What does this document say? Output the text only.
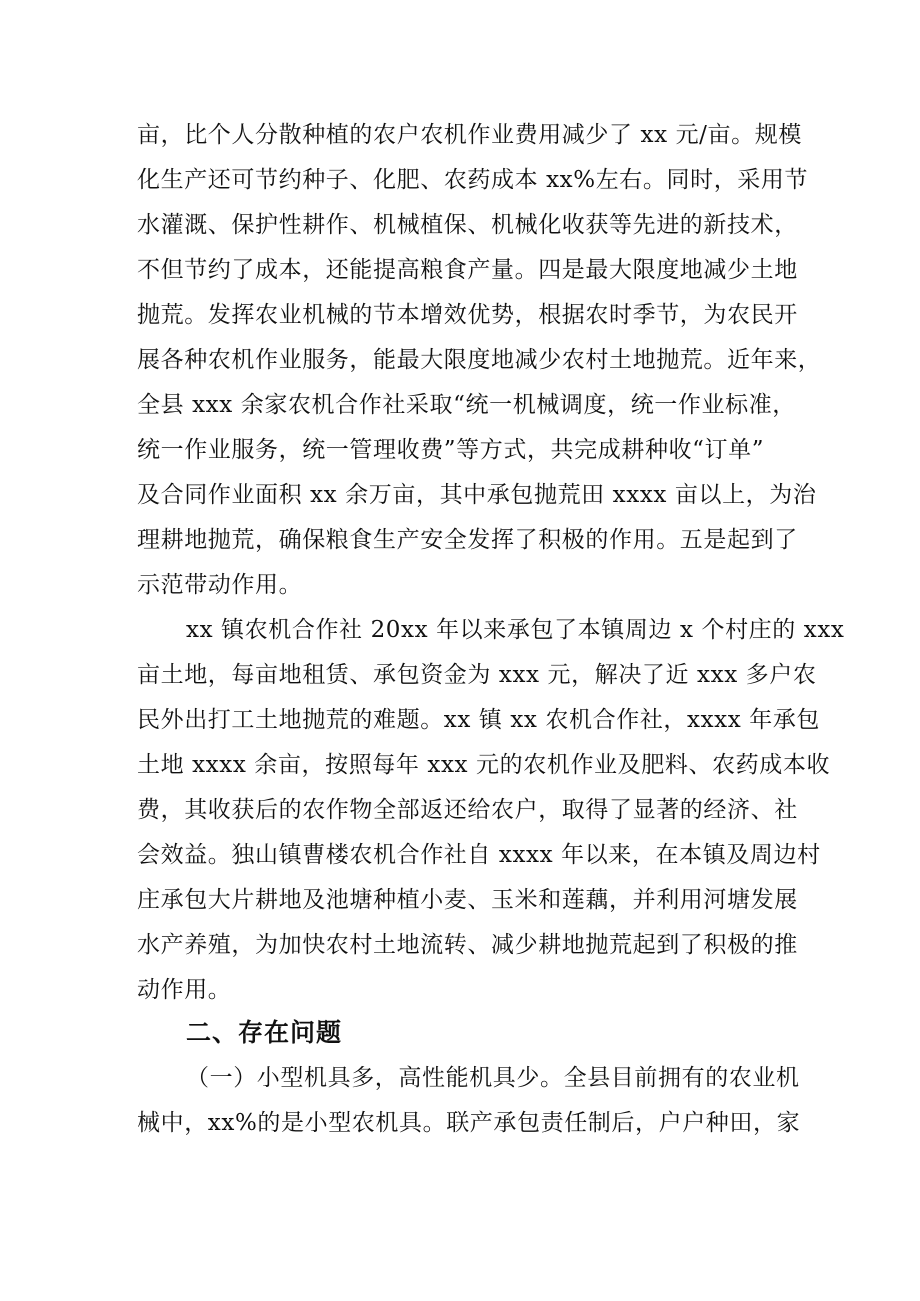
亩，比个人分散种植的农户农机作业费用减少了 xx 元/亩。规模
化生产还可节约种子、化肥、农药成本 xx%左右。同时，采用节
水灌溉、保护性耕作、机械植保、机械化收获等先进的新技术，
不但节约了成本，还能提高粮食产量。四是最大限度地减少土地
抛荒。发挥农业机械的节本增效优势，根据农时季节，为农民开
展各种农机作业服务，能最大限度地减少农村土地抛荒。近年来，
全县 xxx 余家农机合作社采取“统一机械调度，统一作业标准，
统一作业服务，统一管理收费”等方式，共完成耕种收“订单”
及合同作业面积 xx 余万亩，其中承包抛荒田 xxxx 亩以上，为治
理耕地抛荒，确保粮食生产安全发挥了积极的作用。五是起到了
示范带动作用。
xx 镇农机合作社 20xx 年以来承包了本镇周边 x 个村庄的 xxx
亩土地，每亩地租赁、承包资金为 xxx 元，解决了近 xxx 多户农
民外出打工土地抛荒的难题。xx 镇 xx 农机合作社，xxxx 年承包
土地 xxxx 余亩，按照每年 xxx 元的农机作业及肥料、农药成本收
费，其收获后的农作物全部返还给农户，取得了显著的经济、社
会效益。独山镇曹楼农机合作社自 xxxx 年以来，在本镇及周边村
庄承包大片耕地及池塘种植小麦、玉米和莲藕，并利用河塘发展
水产养殖，为加快农村土地流转、减少耕地抛荒起到了积极的推
动作用。
二、存在问题
（一）小型机具多，高性能机具少。全县目前拥有的农业机
械中，xx%的是小型农机具。联产承包责任制后，户户种田，家
